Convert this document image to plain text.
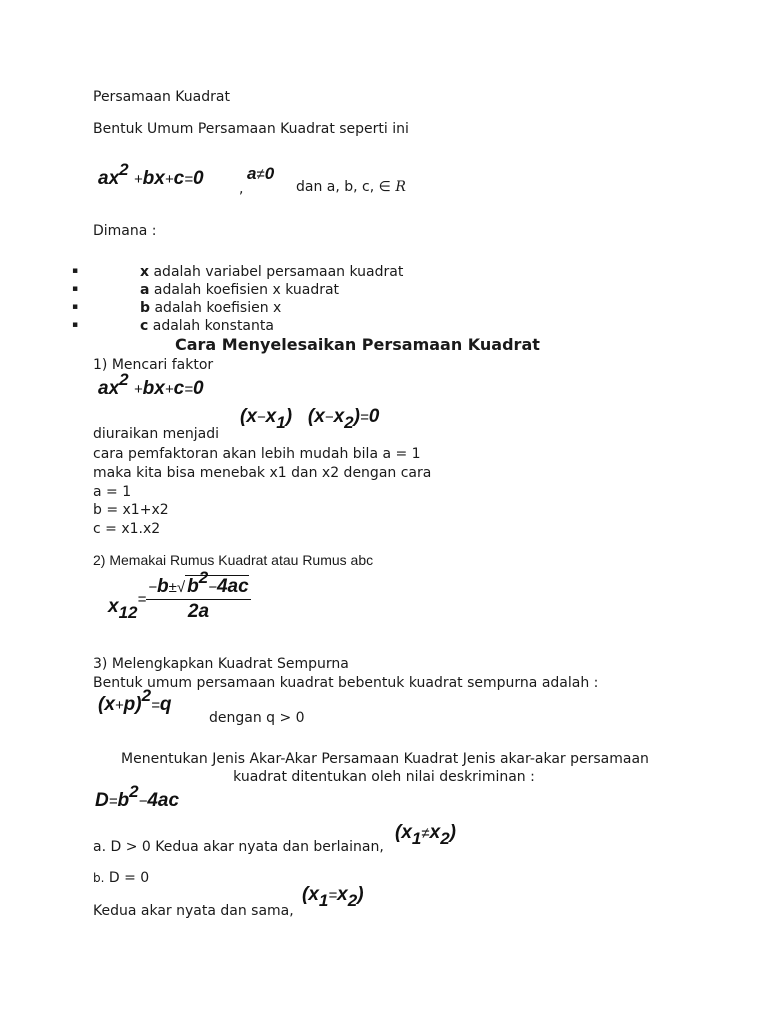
Persamaan Kuadrat
Bentuk Umum Persamaan Kuadrat seperti ini
$ax^2 +bx+c=0$	,
a≠0
dan a, b, c, ∈ R
Dimana :
▪	x adalah variabel persamaan kuadrat
▪	a adalah koefisien x kuadrat
▪	b adalah koefisien x
▪	c adalah konstanta
Cara Menyelesaikan Persamaan Kuadrat
1) Mencari faktor
$ax^2 +bx+c=0$
diuraikan menjadi
$(x-x_1)$   $(x-x_2)=0$
cara pemfaktoran akan lebih mudah bila a = 1
maka kita bisa menebak x1 dan x2 dengan cara
a = 1
b = x1+x2
c = x1.x2
2) Memakai Rumus Kuadrat atau Rumus abc
$x_{12}= \frac{-b\pm√ b^2-4ac}{2a}$
3) Melengkapkan Kuadrat Sempurna
Bentuk umum persamaan kuadrat bebentuk kuadrat sempurna adalah :
$(x+p)^2=q$
dengan q > 0
Menentukan Jenis Akar-Akar Persamaan Kuadrat Jenis akar-akar persamaan
kuadrat ditentukan oleh nilai deskriminan :
$D=b^2-4ac$
a. D > 0 Kedua akar nyata dan berlainan,
$(x_1\ne x_2)$
b. D = 0
Kedua akar nyata dan sama,
$(x_1=x_2)$
